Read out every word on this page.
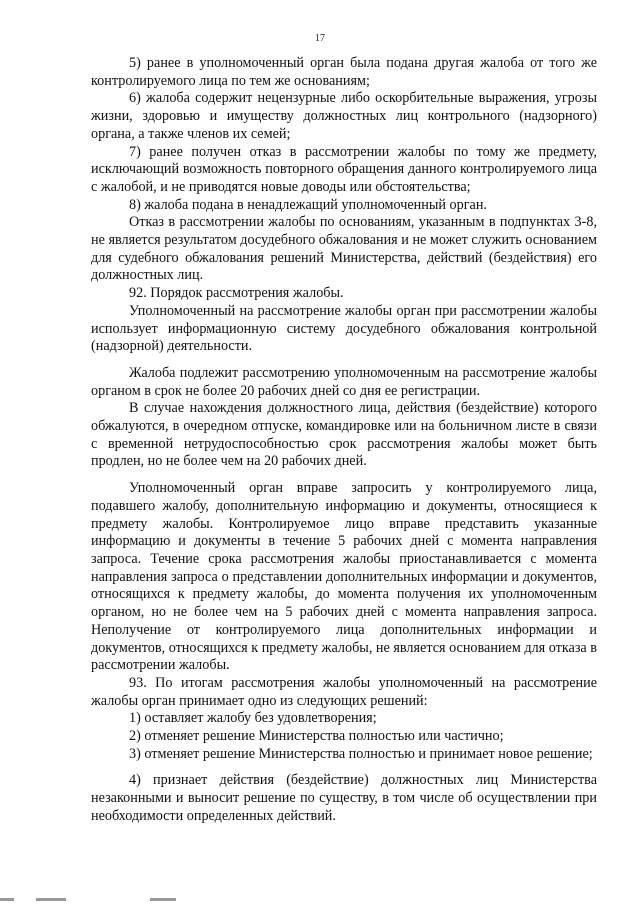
17

5) ранее в уполномоченный орган была подана другая жалоба от того же контролируемого лица по тем же основаниям;

6) жалоба содержит нецензурные либо оскорбительные выражения, угрозы жизни, здоровью и имуществу должностных лиц контрольного (надзорного) органа, а также членов их семей;

7) ранее получен отказ в рассмотрении жалобы по тому же предмету, исключающий возможность повторного обращения данного контролируемого лица с жалобой, и не приводятся новые доводы или обстоятельства;

8) жалоба подана в ненадлежащий уполномоченный орган.

Отказ в рассмотрении жалобы по основаниям, указанным в подпунктах 3-8, не является результатом досудебного обжалования и не может служить основанием для судебного обжалования решений Министерства, действий (бездействия) его должностных лиц.

92. Порядок рассмотрения жалобы.

Уполномоченный на рассмотрение жалобы орган при рассмотрении жалобы использует информационную систему досудебного обжалования контрольной (надзорной) деятельности.

Жалоба подлежит рассмотрению уполномоченным на рассмотрение жалобы органом в срок не более 20 рабочих дней со дня ее регистрации.

В случае нахождения должностного лица, действия (бездействие) которого обжалуются, в очередном отпуске, командировке или на больничном листе в связи с временной нетрудоспособностью срок рассмотрения жалобы может быть продлен, но не более чем на 20 рабочих дней.

Уполномоченный орган вправе запросить у контролируемого лица, подавшего жалобу, дополнительную информацию и документы, относящиеся к предмету жалобы. Контролируемое лицо вправе представить указанные информацию и документы в течение 5 рабочих дней с момента направления запроса. Течение срока рассмотрения жалобы приостанавливается с момента направления запроса о представлении дополнительных информации и документов, относящихся к предмету жалобы, до момента получения их уполномоченным органом, но не более чем на 5 рабочих дней с момента направления запроса. Неполучение от контролируемого лица дополнительных информации и документов, относящихся к предмету жалобы, не является основанием для отказа в рассмотрении жалобы.

93. По итогам рассмотрения жалобы уполномоченный на рассмотрение жалобы орган принимает одно из следующих решений:

1) оставляет жалобу без удовлетворения;

2) отменяет решение Министерства полностью или частично;

3) отменяет решение Министерства полностью и принимает новое решение;

4) признает действия (бездействие) должностных лиц Министерства незаконными и выносит решение по существу, в том числе об осуществлении при необходимости определенных действий.
